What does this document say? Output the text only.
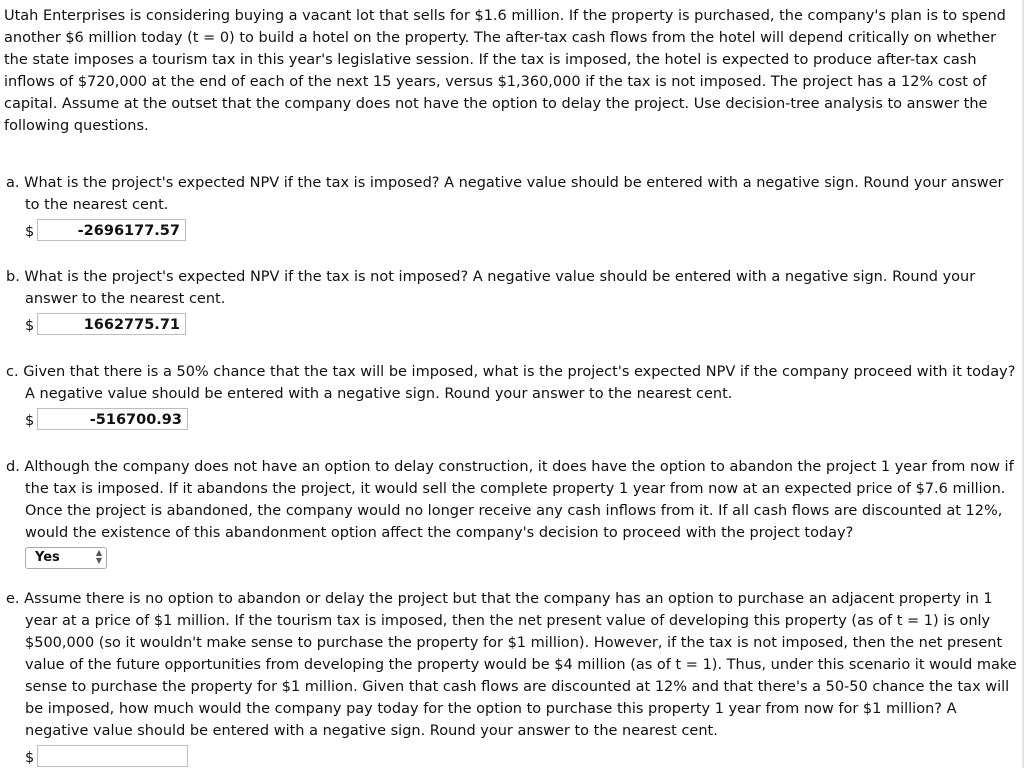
Utah Enterprises is considering buying a vacant lot that sells for $1.6 million. If the property is purchased, the company's plan is to spend another $6 million today (t = 0) to build a hotel on the property. The after-tax cash flows from the hotel will depend critically on whether the state imposes a tourism tax in this year's legislative session. If the tax is imposed, the hotel is expected to produce after-tax cash inflows of $720,000 at the end of each of the next 15 years, versus $1,360,000 if the tax is not imposed. The project has a 12% cost of capital. Assume at the outset that the company does not have the option to delay the project. Use decision-tree analysis to answer the following questions.

a. What is the project's expected NPV if the tax is imposed? A negative value should be entered with a negative sign. Round your answer to the nearest cent.

$	-2696177.57

b. What is the project's expected NPV if the tax is not imposed? A negative value should be entered with a negative sign. Round your answer to the nearest cent.

$	1662775.71

c. Given that there is a 50% chance that the tax will be imposed, what is the project's expected NPV if the company proceed with it today? A negative value should be entered with a negative sign. Round your answer to the nearest cent.

$	-516700.93

d. Although the company does not have an option to delay construction, it does have the option to abandon the project 1 year from now if the tax is imposed. If it abandons the project, it would sell the complete property 1 year from now at an expected price of $7.6 million. Once the project is abandoned, the company would no longer receive any cash inflows from it. If all cash flows are discounted at 12%, would the existence of this abandonment option affect the company's decision to proceed with the project today?

Yes	▲
▼

e. Assume there is no option to abandon or delay the project but that the company has an option to purchase an adjacent property in 1 year at a price of $1 million. If the tourism tax is imposed, then the net present value of developing this property (as of t = 1) is only $500,000 (so it wouldn't make sense to purchase the property for $1 million). However, if the tax is not imposed, then the net present value of the future opportunities from developing the property would be $4 million (as of t = 1). Thus, under this scenario it would make sense to purchase the property for $1 million. Given that cash flows are discounted at 12% and that there's a 50-50 chance the tax will be imposed, how much would the company pay today for the option to purchase this property 1 year from now for $1 million? A negative value should be entered with a negative sign. Round your answer to the nearest cent.

$
